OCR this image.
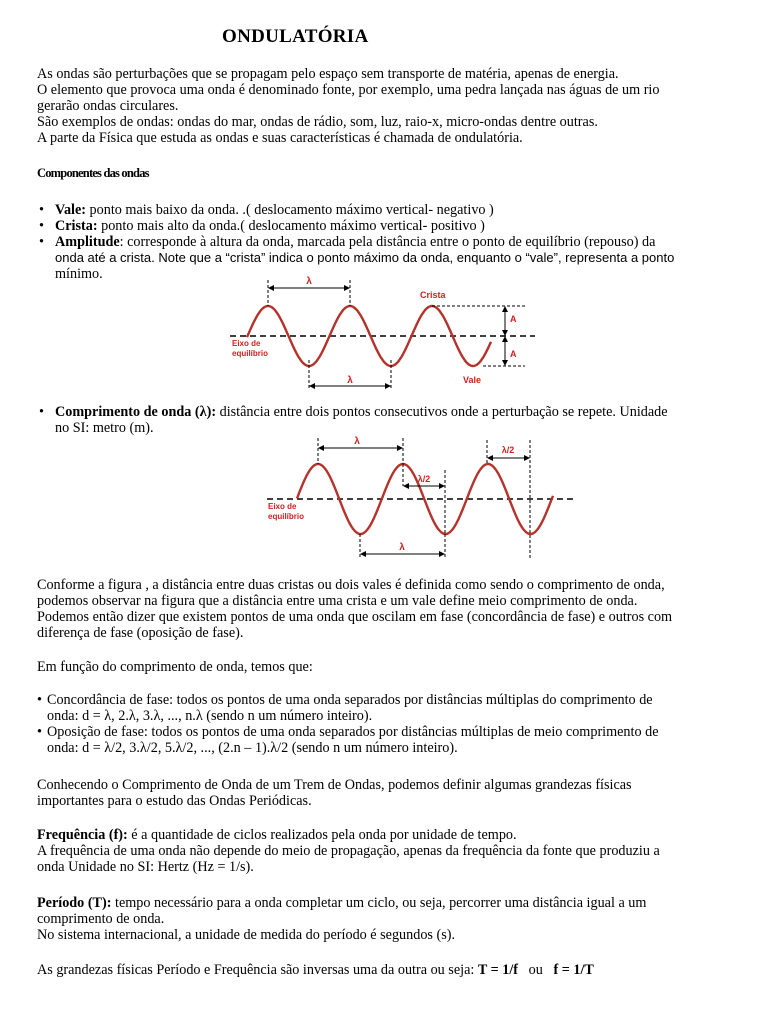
ONDULATÓRIA
As ondas são perturbações que se propagam pelo espaço sem transporte de matéria, apenas de energia.
O elemento que provoca uma onda é denominado fonte, por exemplo, uma pedra lançada nas águas de um rio
gerarão ondas circulares.
São exemplos de ondas: ondas do mar, ondas de rádio, som, luz, raio-x, micro-ondas dentre outras.
A parte da Física que estuda as ondas e suas características é chamada de ondulatória.
Componentes das ondas
• Vale: ponto mais baixo da onda. .( deslocamento máximo vertical- negativo )
• Crista: ponto mais alto da onda.( deslocamento máximo vertical- positivo )
• Amplitude: corresponde à altura da onda, marcada pela distância entre o ponto de equilíbrio (repouso) da
onda até a crista. Note que a “crista” indica o ponto máximo da onda, enquanto o “vale”, representa a ponto
mínimo.	λ
Crista
A
A
Eixo de
equilíbrio
λ	Vale
• Comprimento de onda (λ): distância entre dois pontos consecutivos onde a perturbação se repete. Unidade
no SI: metro (m).
λ
λ/2
λ/2
Eixo de
equilíbrio
λ
Conforme a figura , a distância entre duas cristas ou dois vales é definida como sendo o comprimento de onda,
podemos observar na figura que a distância entre uma crista e um vale define meio comprimento de onda.
Podemos então dizer que existem pontos de uma onda que oscilam em fase (concordância de fase) e outros com
diferença de fase (oposição de fase).
Em função do comprimento de onda, temos que:
• Concordância de fase: todos os pontos de uma onda separados por distâncias múltiplas do comprimento de
onda: d = λ, 2.λ, 3.λ, ..., n.λ (sendo n um número inteiro).
• Oposição de fase: todos os pontos de uma onda separados por distâncias múltiplas de meio comprimento de
onda: d = λ/2, 3.λ/2, 5.λ/2, ..., (2.n – 1).λ/2 (sendo n um número inteiro).
Conhecendo o Comprimento de Onda de um Trem de Ondas, podemos definir algumas grandezas físicas
importantes para o estudo das Ondas Periódicas.
Frequência (f): é a quantidade de ciclos realizados pela onda por unidade de tempo.
A frequência de uma onda não depende do meio de propagação, apenas da frequência da fonte que produziu a
onda Unidade no SI: Hertz (Hz = 1/s).
Período (T): tempo necessário para a onda completar um ciclo, ou seja, percorrer uma distância igual a um
comprimento de onda.
No sistema internacional, a unidade de medida do período é segundos (s).
As grandezas físicas Período e Frequência são inversas uma da outra ou seja: T = 1/f   ou   f = 1/T
